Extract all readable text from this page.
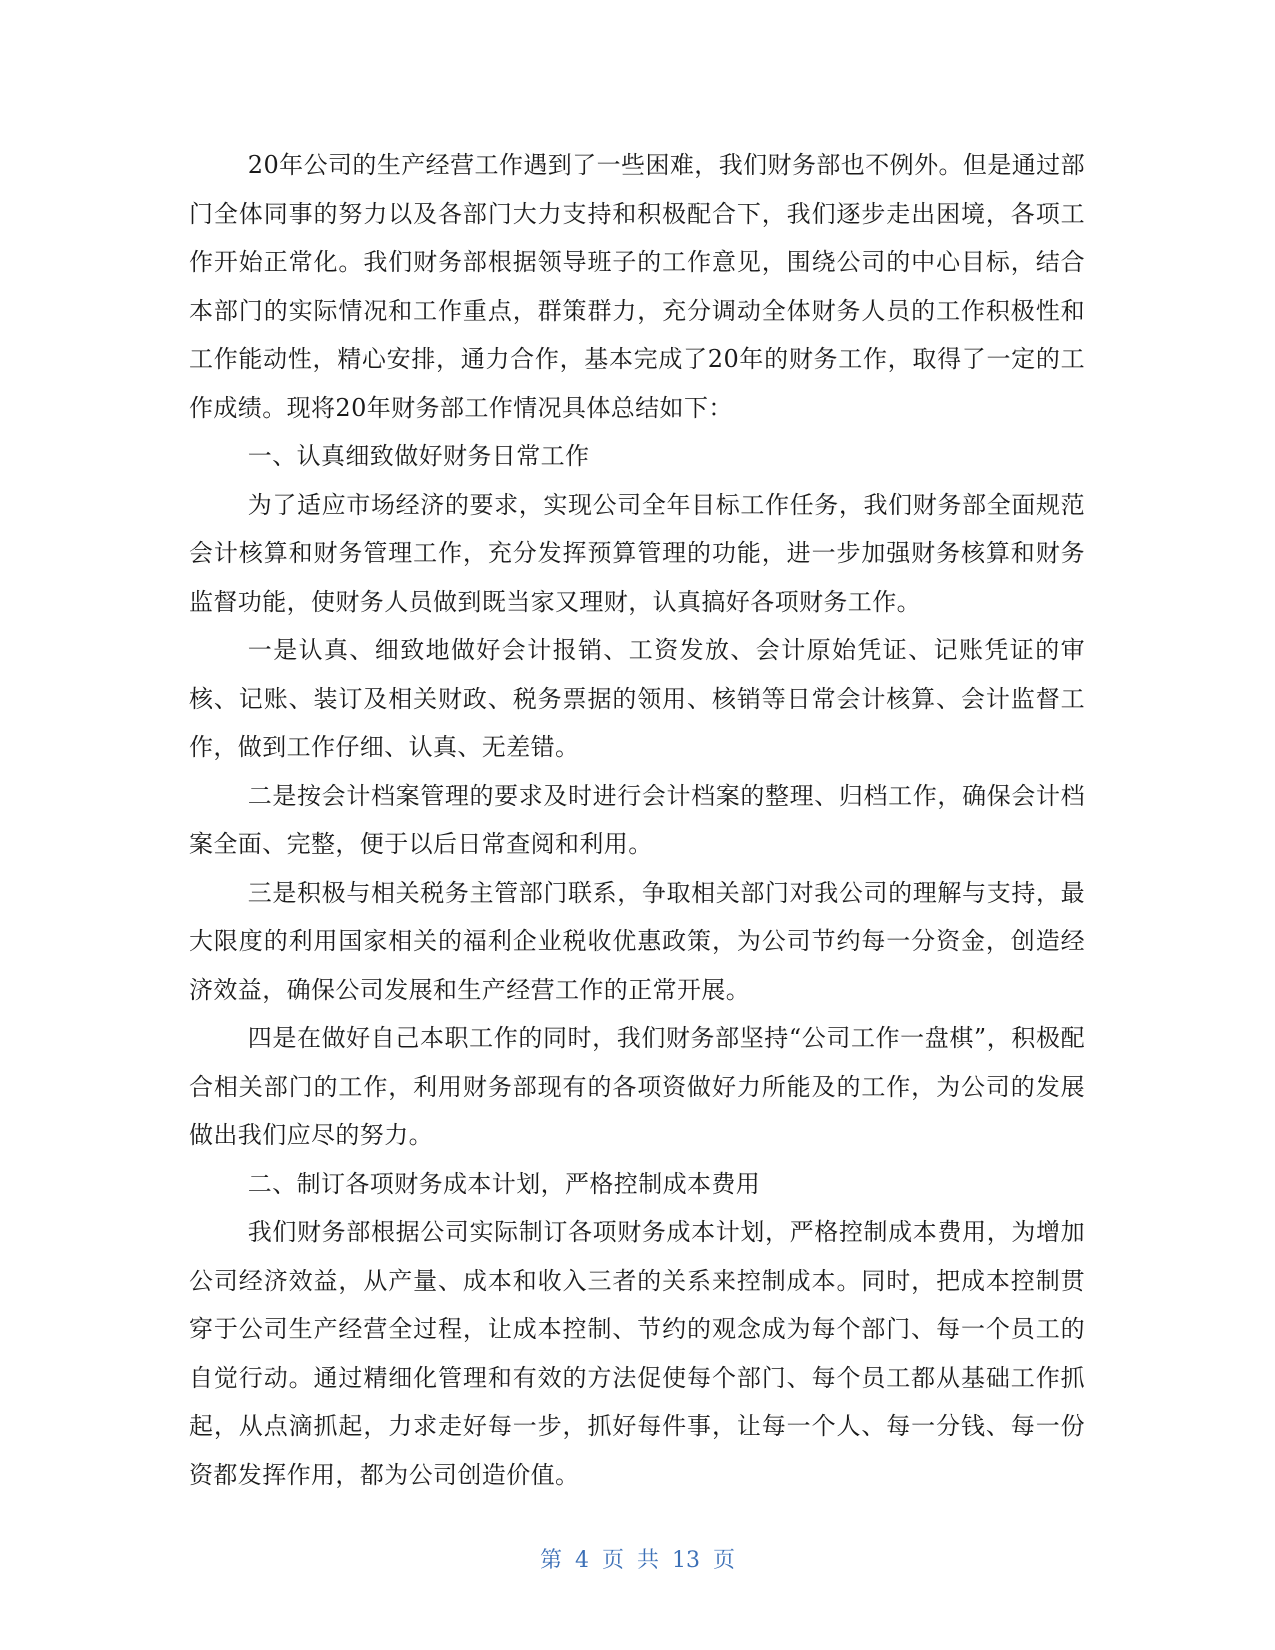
20年公司的生产经营工作遇到了一些困难，我们财务部也不例外。但是通过部门全体同事的努力以及各部门大力支持和积极配合下，我们逐步走出困境，各项工作开始正常化。我们财务部根据领导班子的工作意见，围绕公司的中心目标，结合本部门的实际情况和工作重点，群策群力，充分调动全体财务人员的工作积极性和工作能动性，精心安排，通力合作，基本完成了20年的财务工作，取得了一定的工作成绩。现将20年财务部工作情况具体总结如下：

一、认真细致做好财务日常工作

为了适应市场经济的要求，实现公司全年目标工作任务，我们财务部全面规范会计核算和财务管理工作，充分发挥预算管理的功能，进一步加强财务核算和财务监督功能，使财务人员做到既当家又理财，认真搞好各项财务工作。

一是认真、细致地做好会计报销、工资发放、会计原始凭证、记账凭证的审核、记账、装订及相关财政、税务票据的领用、核销等日常会计核算、会计监督工作，做到工作仔细、认真、无差错。

二是按会计档案管理的要求及时进行会计档案的整理、归档工作，确保会计档案全面、完整，便于以后日常查阅和利用。

三是积极与相关税务主管部门联系，争取相关部门对我公司的理解与支持，最大限度的利用国家相关的福利企业税收优惠政策，为公司节约每一分资金，创造经济效益，确保公司发展和生产经营工作的正常开展。

四是在做好自己本职工作的同时，我们财务部坚持“公司工作一盘棋”，积极配合相关部门的工作，利用财务部现有的各项资做好力所能及的工作，为公司的发展做出我们应尽的努力。

二、制订各项财务成本计划，严格控制成本费用

我们财务部根据公司实际制订各项财务成本计划，严格控制成本费用，为增加公司经济效益，从产量、成本和收入三者的关系来控制成本。同时，把成本控制贯穿于公司生产经营全过程，让成本控制、节约的观念成为每个部门、每一个员工的自觉行动。通过精细化管理和有效的方法促使每个部门、每个员工都从基础工作抓起，从点滴抓起，力求走好每一步，抓好每件事，让每一个人、每一分钱、每一份资都发挥作用，都为公司创造价值。

第 4 页 共 13 页
